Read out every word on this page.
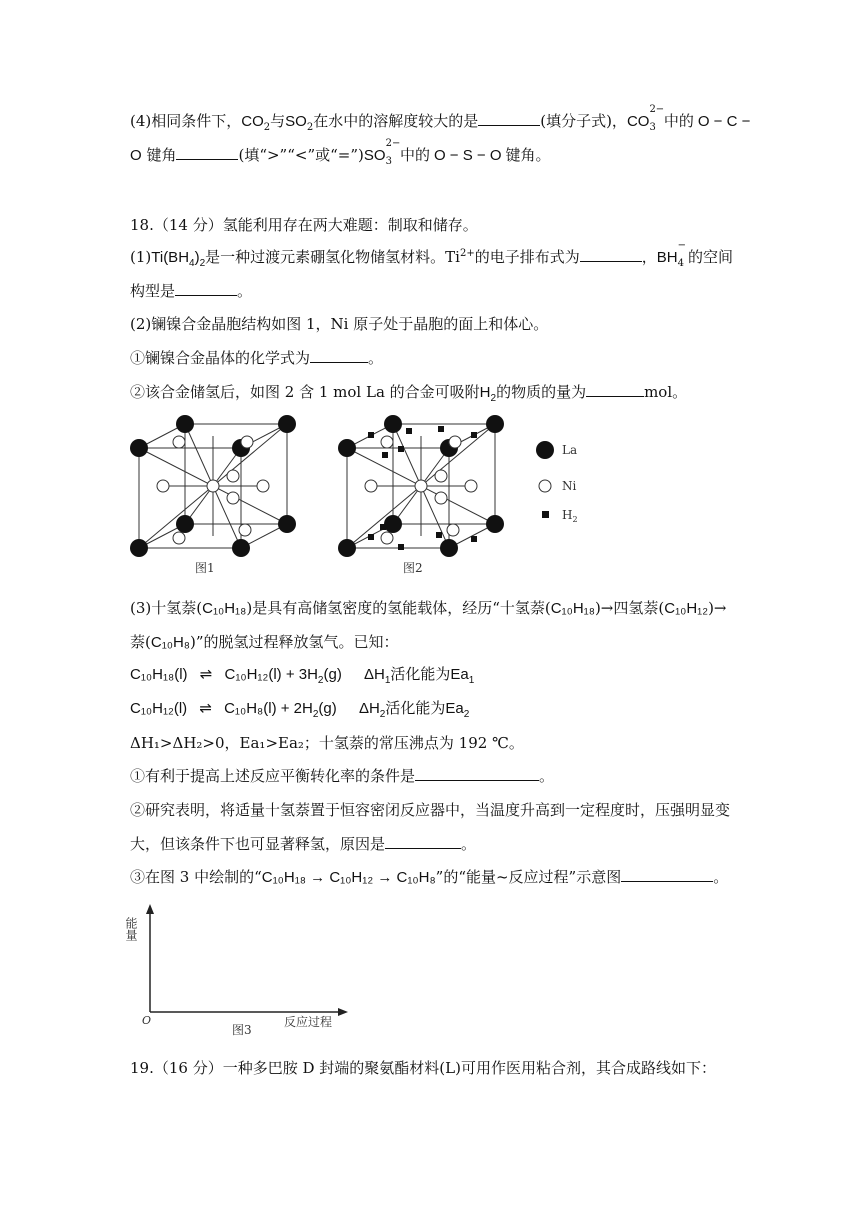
(4)相同条件下，$CO_2$与$SO_2$在水中的溶解度较大的是	(填分子式)，CO
$_{2- 3}$ 中的 O − C −
O 键角	(填“>”“<”或“=”)SO
$_{2- 3}$ 中的 O − S − O 键角。
18.（14 分）氢能利用存在两大难题：制取和储存。
$(1)Ti(BH_4)_2$是一种过渡元素硼氢化物储氢材料。$Ti^{2+}$的电子排布式为	，BH
$_{- 4}$ 的空间
构型是	。
(2)镧镍合金晶胞结构如图 1，Ni 原子处于晶胞的面上和体心。
①镧镍合金晶体的化学式为	。
②该合金储氢后，如图 2 含 1 mol La 的合金可吸附$H_2$的物质的量为	mol。
图1	图2
La
Ni
$H_2$
(3)十氢萘(C₁₀H₁₈)是具有高储氢密度的氢能载体，经历“十氢萘(C₁₀H₁₈)→四氢萘(C₁₀H₁₂)→
萘(C₁₀H₈)”的脱氢过程释放氢气。已知：
C₁₀H₁₈(l) ⇌ $C_{10}H_{12}(l) + 3H_2(g)$ $\Delta H_1$活化能为$Ea_1$
C₁₀H₁₂(l) ⇌ $C_{10}H_8(l) + 2H_2(g)$ $\Delta H_2$活化能为$Ea_2$
ΔH₁>ΔH₂>0，Ea₁>Ea₂；十氢萘的常压沸点为 192 ℃。
①有利于提高上述反应平衡转化率的条件是	。
②研究表明，将适量十氢萘置于恒容密闭反应器中，当温度升高到一定程度时，压强明显变
大，但该条件下也可显著释氢，原因是	。
③在图 3 中绘制的“C₁₀H₁₈ → C₁₀H₁₂ → C₁₀H₈”的“能量~反应过程”示意图	。
能量
O
图3
反应过程
19.（16 分）一种多巴胺 D 封端的聚氨酯材料(L)可用作医用粘合剂，其合成路线如下：
